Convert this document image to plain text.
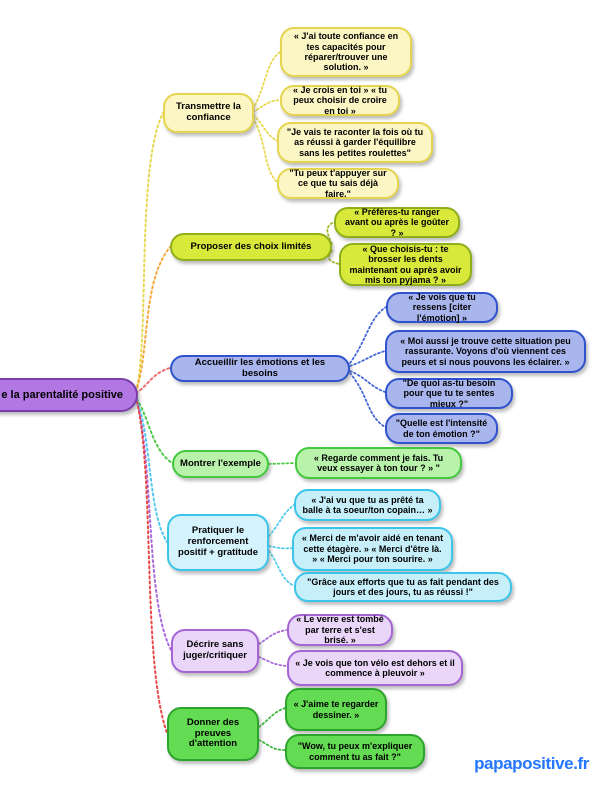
e la parentalité positive
Transmettre la confiance
« J'ai toute confiance en tes capacités pour réparer/trouver une solution. »
« Je crois en toi » « tu peux choisir de croire en toi »
"Je vais te raconter la fois où tu as réussi à garder l'équilibre sans les petites roulettes"
"Tu peux t'appuyer sur ce que tu sais déjà faire."
Proposer des choix limités
« Préfères-tu ranger avant ou après le goûter ? »
« Que choisis-tu : te brosser les dents maintenant ou après avoir mis ton pyjama ? »
Accueillir les émotions et les besoins
« Je vois que tu ressens [citer l'émotion] »
« Moi aussi je trouve cette situation peu rassurante. Voyons d'où viennent ces peurs et si nous pouvons les éclairer. »
"De quoi as-tu besoin pour que tu te sentes mieux ?"
"Quelle est l'intensité de ton émotion ?"
Montrer l'exemple	« Regarde comment je fais. Tu veux essayer à ton tour ? » "
Pratiquer le renforcement positif + gratitude
« J'ai vu que tu as prêté ta balle à ta soeur/ton copain… »
« Merci de m'avoir aidé en tenant cette étagère. » « Merci d'être là. » « Merci pour ton sourire. »
"Grâce aux efforts que tu as fait pendant des jours et des jours, tu as réussi !"
Décrire sans juger/critiquer
« Le verre est tombé par terre et s'est brisé. »
« Je vois que ton vélo est dehors et il commence à pleuvoir »
Donner des preuves d'attention
« J'aime te regarder dessiner. »
"Wow, tu peux m'expliquer comment tu as fait ?"	papapositive.fr
